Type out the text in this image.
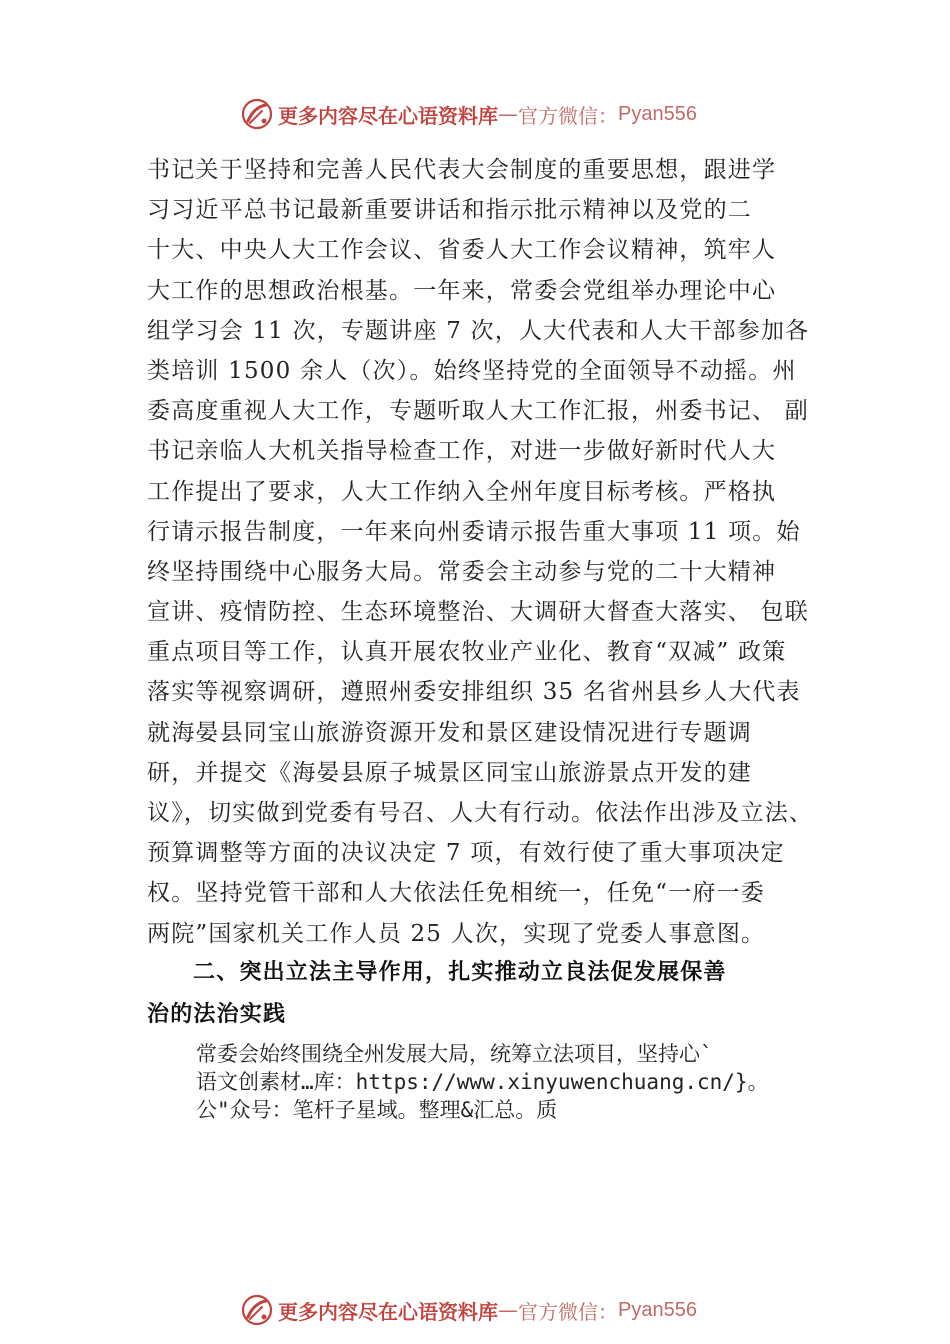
更多内容尽在心语资料库 — 官方微信： Pyan556
书记关于坚持和完善人民代表大会制度的重要思想，跟进学
习习近平总书记最新重要讲话和指示批示精神以及党的二
十大、中央人大工作会议、省委人大工作会议精神，筑牢人
大工作的思想政治根基。一年来，常委会党组举办理论中心
组学习会 11 次，专题讲座 7 次，人大代表和人大干部参加各
类培训 1500 余人（次）。始终坚持党的全面领导不动摇。州
委高度重视人大工作，专题听取人大工作汇报，州委书记、 副
书记亲临人大机关指导检查工作，对进一步做好新时代人大
工作提出了要求，人大工作纳入全州年度目标考核。严格执
行请示报告制度，一年来向州委请示报告重大事项 11 项。始
终坚持围绕中心服务大局。常委会主动参与党的二十大精神
宣讲、疫情防控、生态环境整治、大调研大督查大落实、 包联
重点项目等工作，认真开展农牧业产业化、教育“双减” 政策
落实等视察调研，遵照州委安排组织 35 名省州县乡人大代表
就海晏县同宝山旅游资源开发和景区建设情况进行专题调
研，并提交《海晏县原子城景区同宝山旅游景点开发的建
议》，切实做到党委有号召、人大有行动。依法作出涉及立法、
预算调整等方面的决议决定 7 项，有效行使了重大事项决定
权。坚持党管干部和人大依法任免相统一，任免“一府一委
两院”国家机关工作人员 25 人次，实现了党委人事意图。
二、突出立法主导作用，扎实推动立良法促发展保善
治的法治实践
常委会始终围绕全州发展大局，统筹立法项目，坚持心`
语文创素材…库：https://www.xinyuwenchuang.cn/}。
公"众号：笔杆子星域。整理&汇总。质
更多内容尽在心语资料库 — 官方微信： Pyan556
